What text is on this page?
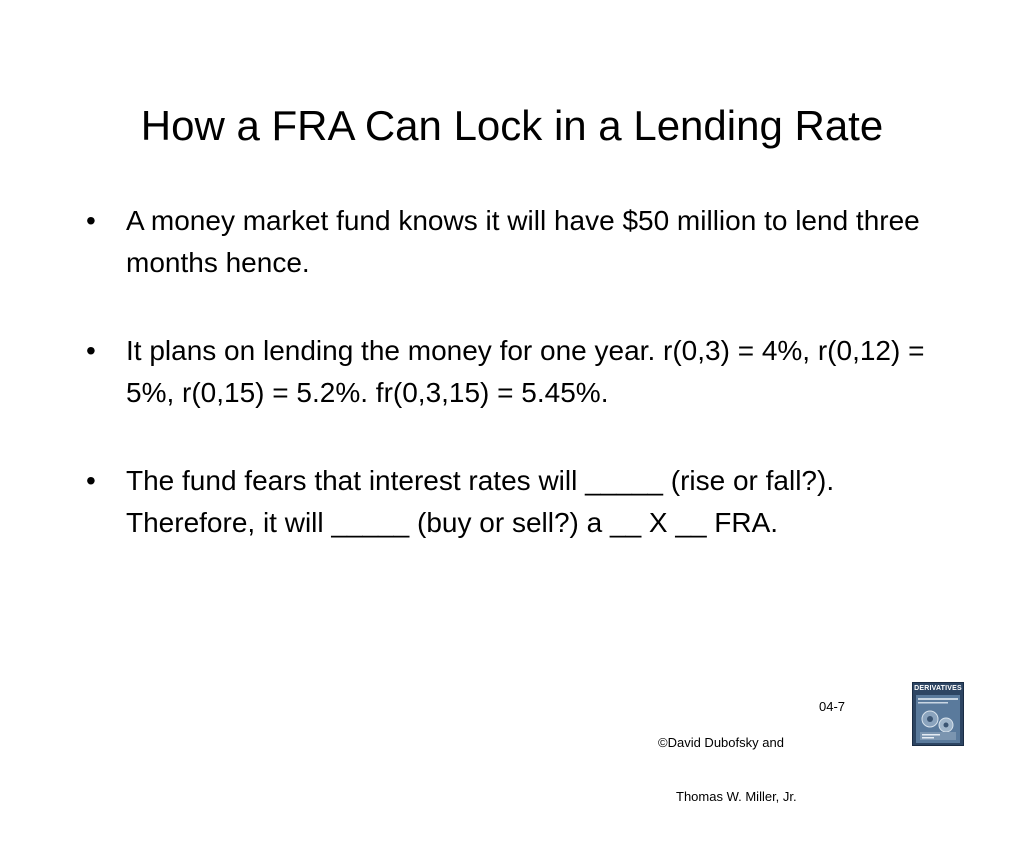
How a FRA Can Lock in a Lending Rate
•	A money market fund knows it will have $50 million to lend three months hence.
•	It plans on lending the money for one year. r(0,3) = 4%, r(0,12) = 5%, r(0,15) = 5.2%. fr(0,3,15) = 5.45%.
•	The fund fears that interest rates will _____ (rise or fall?). Therefore, it will _____ (buy or sell?) a __ X __ FRA.

©David Dubofsky and

Thomas W. Miller, Jr.

04-7
DERIVATIVES
